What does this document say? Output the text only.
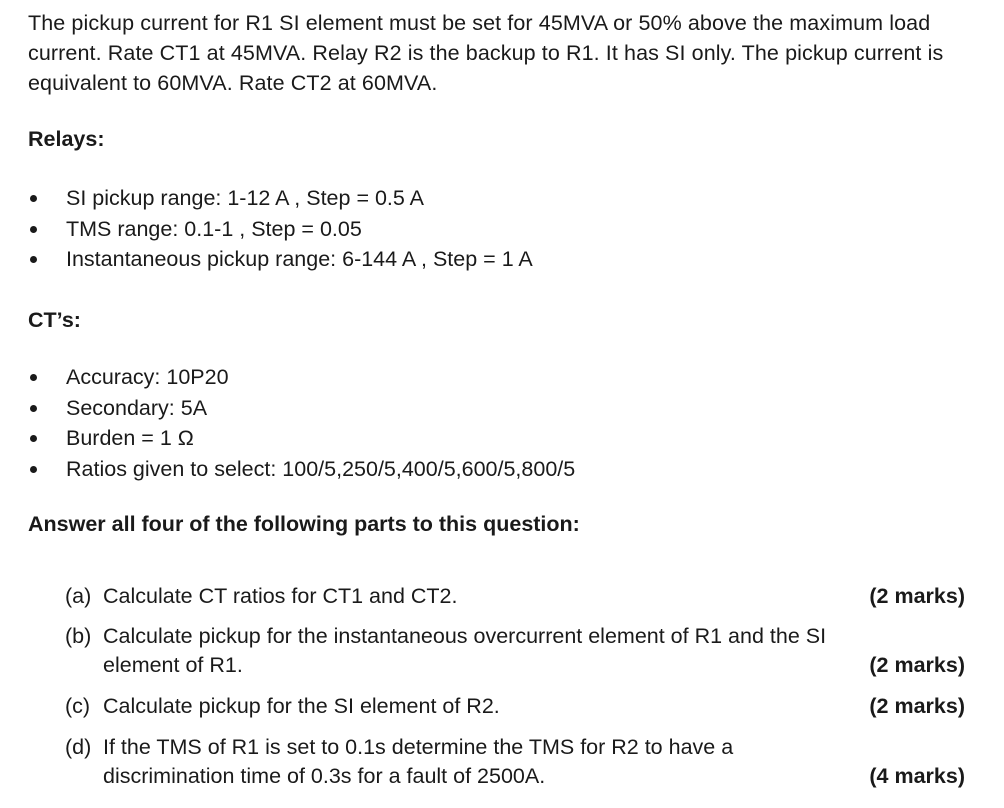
The pickup current for R1 SI element must be set for 45MVA or 50% above the maximum load current. Rate CT1 at 45MVA. Relay R2 is the backup to R1. It has SI only. The pickup current is equivalent to 60MVA. Rate CT2 at 60MVA.
Relays:
SI pickup range: 1-12 A , Step = 0.5 A
TMS range: 0.1-1 , Step = 0.05
Instantaneous pickup range: 6-144 A , Step = 1 A
CT’s:
Accuracy: 10P20
Secondary: 5A
Burden = 1 Ω
Ratios given to select: 100/5,250/5,400/5,600/5,800/5
Answer all four of the following parts to this question:
(a) Calculate CT ratios for CT1 and CT2.	(2 marks)
(b) Calculate pickup for the instantaneous overcurrent element of R1 and the SI element of R1.	(2 marks)
(c) Calculate pickup for the SI element of R2.	(2 marks)
(d) If the TMS of R1 is set to 0.1s determine the TMS for R2 to have a discrimination time of 0.3s for a fault of 2500A.	(4 marks)
